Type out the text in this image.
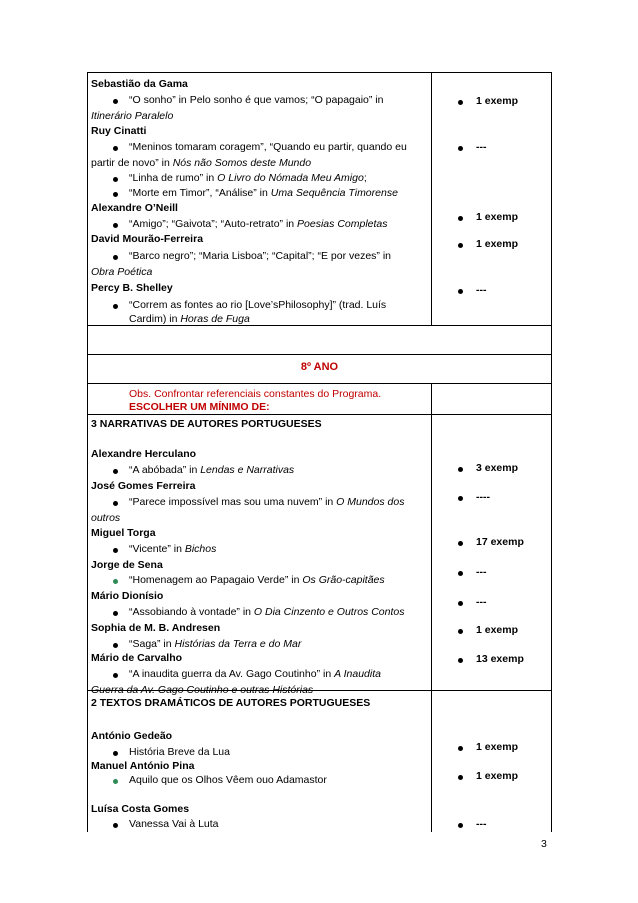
Sebastião da Gama
“O sonho” in Pelo sonho é que vamos; “O papagaio” in
Itinerário Paralelo
Ruy Cinatti
“Meninos tomaram coragem”, “Quando eu partir, quando eu
partir de novo” in Nós não Somos deste Mundo
“Linha de rumo” in O Livro do Nómada Meu Amigo;
“Morte em Timor”, “Análise” in Uma Sequência Timorense
Alexandre O’Neill
“Amigo”; “Gaivota”; “Auto-retrato” in Poesias Completas
David Mourão-Ferreira
“Barco negro”; “Maria Lisboa”; “Capital”; “E por vezes” in
Obra Poética
Percy B. Shelley
“Correm as fontes ao rio [Love’sPhilosophy]” (trad. Luís
Cardim) in Horas de Fuga
1 exemp
---
1 exemp
1 exemp
---
8º ANO
Obs. Confrontar referenciais constantes do Programa.
ESCOLHER UM MÍNIMO DE:
3 NARRATIVAS DE AUTORES PORTUGUESES
Alexandre Herculano
“A abóbada” in Lendas e Narrativas
José Gomes Ferreira
“Parece impossível mas sou uma nuvem” in O Mundos dos
outros
Miguel Torga
“Vicente” in Bichos
Jorge de Sena
“Homenagem ao Papagaio Verde” in Os Grão-capitães
Mário Dionísio
“Assobiando à vontade” in O Dia Cinzento e Outros Contos
Sophia de M. B. Andresen
“Saga” in Histórias da Terra e do Mar
Mário de Carvalho
“A inaudita guerra da Av. Gago Coutinho” in A Inaudita
Guerra da Av. Gago Coutinho e outras Histórias
3 exemp
----
17 exemp
---
---
1 exemp
13 exemp
2 TEXTOS DRAMÁTICOS DE AUTORES PORTUGUESES
António Gedeão
História Breve da Lua
Manuel António Pina
Aquilo que os Olhos Vêem ouo Adamastor
Luísa Costa Gomes
Vanessa Vai à Luta
1 exemp
1 exemp
---
3
